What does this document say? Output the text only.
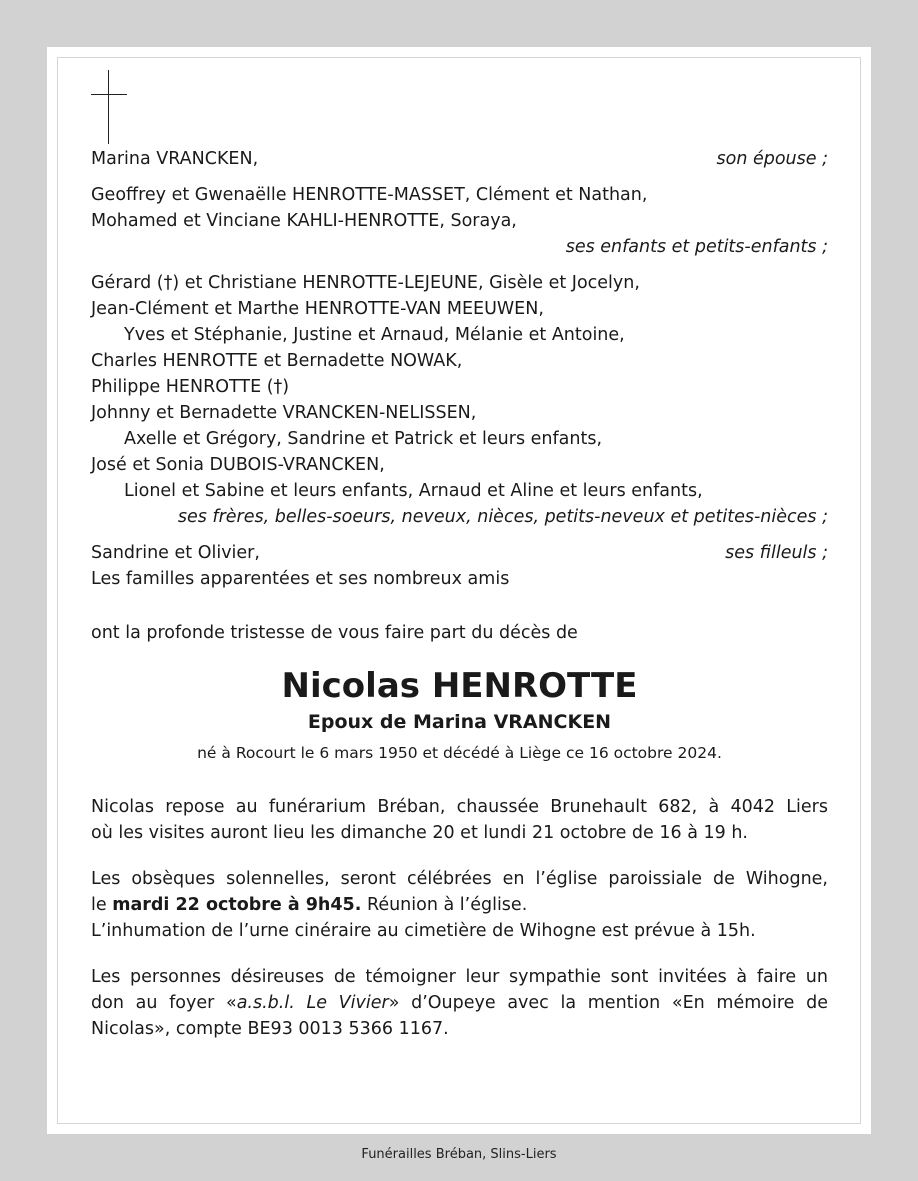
Marina VRANCKEN,	son épouse ;
Geoffrey et Gwenaëlle HENROTTE-MASSET, Clément et Nathan,
Mohamed et Vinciane KAHLI-HENROTTE, Soraya,
ses enfants et petits-enfants ;
Gérard (†) et Christiane HENROTTE-LEJEUNE, Gisèle et Jocelyn,
Jean-Clément et Marthe HENROTTE-VAN MEEUWEN,
Yves et Stéphanie, Justine et Arnaud, Mélanie et Antoine,
Charles HENROTTE et Bernadette NOWAK,
Philippe HENROTTE (†)
Johnny et Bernadette VRANCKEN-NELISSEN,
Axelle et Grégory, Sandrine et Patrick et leurs enfants,
José et Sonia DUBOIS-VRANCKEN,
Lionel et Sabine et leurs enfants, Arnaud et Aline et leurs enfants,
ses frères, belles-soeurs, neveux, nièces, petits-neveux et petites-nièces ;
Sandrine et Olivier,	ses filleuls ;
Les familles apparentées et ses nombreux amis
ont la profonde tristesse de vous faire part du décès de
Nicolas HENROTTE
Epoux de Marina VRANCKEN
né à Rocourt le 6 mars 1950 et décédé à Liège ce 16 octobre 2024.
Nicolas repose au funérarium Bréban, chaussée Brunehault 682, à 4042 Liers
où les visites auront lieu les dimanche 20 et lundi 21 octobre de 16 à 19 h.
Les obsèques solennelles, seront célébrées en l’église paroissiale de Wihogne,
le mardi 22 octobre à 9h45. Réunion à l’église.
L’inhumation de l’urne cinéraire au cimetière de Wihogne est prévue à 15h.
Les personnes désireuses de témoigner leur sympathie sont invitées à faire un
don au foyer «a.s.b.l. Le Vivier» d’Oupeye avec la mention «En mémoire de
Nicolas», compte BE93 0013 5366 1167.
Funérailles Bréban, Slins-Liers
